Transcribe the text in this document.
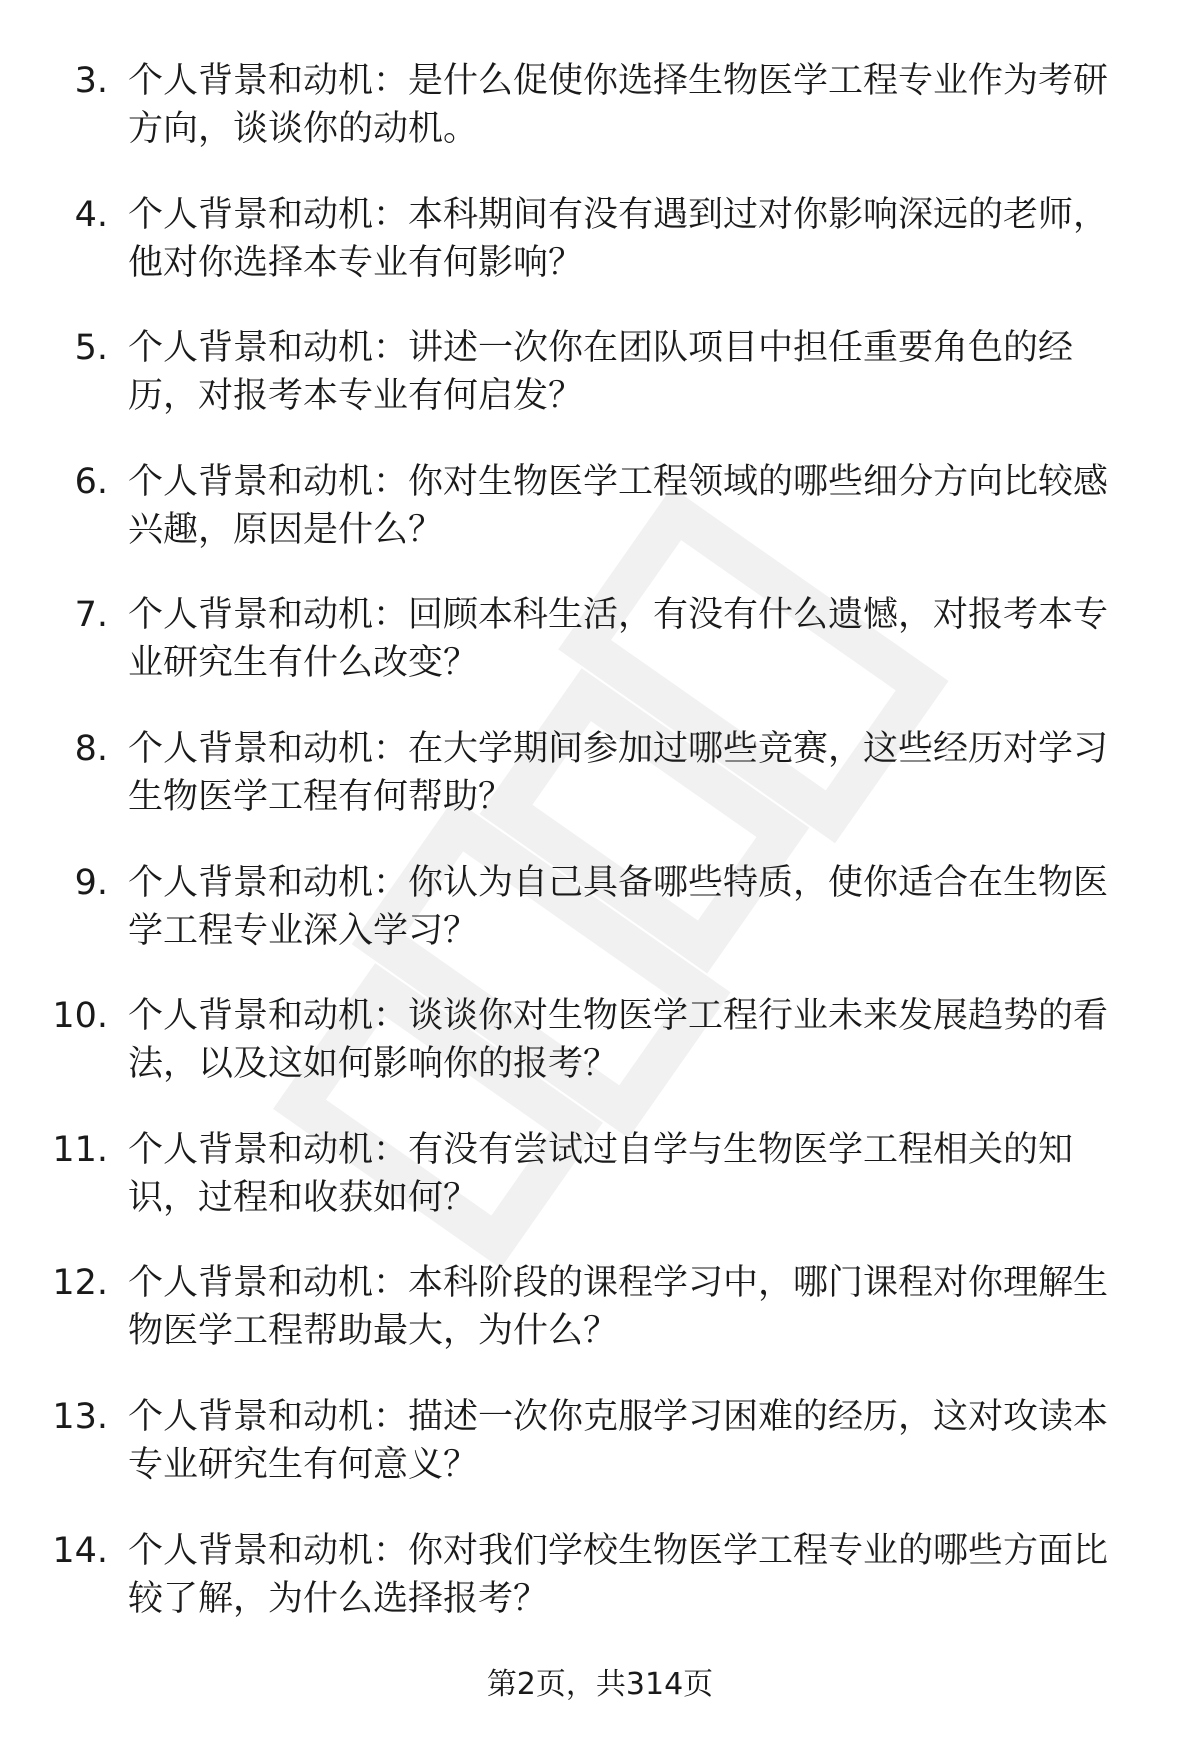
3. 个人背景和动机：是什么促使你选择生物医学工程专业作为考研方向，谈谈你的动机。
4. 个人背景和动机：本科期间有没有遇到过对你影响深远的老师，他对你选择本专业有何影响？
5. 个人背景和动机：讲述一次你在团队项目中担任重要角色的经历，对报考本专业有何启发？
6. 个人背景和动机：你对生物医学工程领域的哪些细分方向比较感兴趣，原因是什么？
7. 个人背景和动机：回顾本科生活，有没有什么遗憾，对报考本专业研究生有什么改变？
8. 个人背景和动机：在大学期间参加过哪些竞赛，这些经历对学习生物医学工程有何帮助？
9. 个人背景和动机：你认为自己具备哪些特质，使你适合在生物医学工程专业深入学习？
10. 个人背景和动机：谈谈你对生物医学工程行业未来发展趋势的看法，以及这如何影响你的报考？
11. 个人背景和动机：有没有尝试过自学与生物医学工程相关的知识，过程和收获如何？
12. 个人背景和动机：本科阶段的课程学习中，哪门课程对你理解生物医学工程帮助最大，为什么？
13. 个人背景和动机：描述一次你克服学习困难的经历，这对攻读本专业研究生有何意义？
14. 个人背景和动机：你对我们学校生物医学工程专业的哪些方面比较了解，为什么选择报考？
第2页，共314页
